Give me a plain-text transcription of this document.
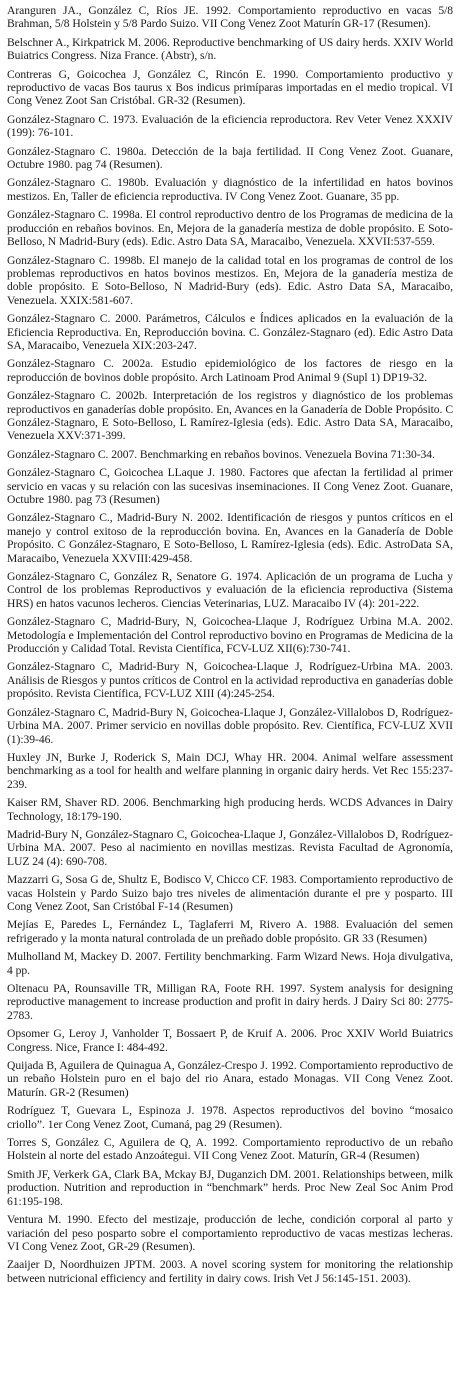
Aranguren JA., González C, Ríos JE. 1992. Comportamiento reproductivo en vacas 5/8 Brahman, 5/8 Holstein y 5/8 Pardo Suizo. VII Cong Venez Zoot Maturín GR-17 (Resumen).
Belschner A., Kirkpatrick M. 2006. Reproductive benchmarking of US dairy herds. XXIV World Buiatrics Congress. Niza France. (Abstr), s/n.
Contreras G, Goicochea J, González C, Rincón E. 1990. Comportamiento productivo y reproductivo de vacas Bos taurus x Bos indicus primíparas importadas en el medio tropical. VI Cong Venez Zoot San Cristóbal. GR-32 (Resumen).
González-Stagnaro C. 1973. Evaluación de la eficiencia reproductora. Rev Veter Venez XXXIV (199): 76-101.
González-Stagnaro C. 1980a. Detección de la baja fertilidad. II Cong Venez Zoot. Guanare, Octubre 1980. pag 74 (Resumen).
González-Stagnaro C. 1980b. Evaluación y diagnóstico de la infertilidad en hatos bovinos mestizos. En, Taller de eficiencia reproductiva. IV Cong Venez Zoot. Guanare, 35 pp.
González-Stagnaro C. 1998a. El control reproductivo dentro de los Programas de medicina de la producción en rebaños bovinos. En, Mejora de la ganadería mestiza de doble propósito. E Soto-Belloso, N Madrid-Bury (eds). Edic. Astro Data SA, Maracaibo, Venezuela. XXVII:537-559.
González-Stagnaro C. 1998b. El manejo de la calidad total en los programas de control de los problemas reproductivos en hatos bovinos mestizos. En, Mejora de la ganadería mestiza de doble propósito. E Soto-Belloso, N Madrid-Bury (eds). Edic. Astro Data SA, Maracaibo, Venezuela. XXIX:581-607.
González-Stagnaro C. 2000. Parámetros, Cálculos e Índices aplicados en la evaluación de la Eficiencia Reproductiva. En, Reproducción bovina. C. González-Stagnaro (ed). Edic Astro Data SA, Maracaibo, Venezuela XIX:203-247.
González-Stagnaro C. 2002a. Estudio epidemiológico de los factores de riesgo en la reproducción de bovinos doble propósito. Arch Latinoam Prod Animal 9 (Supl 1) DP19-32.
González-Stagnaro C. 2002b. Interpretación de los registros y diagnóstico de los problemas reproductivos en ganaderías doble propósito. En, Avances en la Ganadería de Doble Propósito. C González-Stagnaro, E Soto-Belloso, L Ramírez-Iglesia (eds). Edic. Astro Data SA, Maracaibo, Venezuela XXV:371-399.
González-Stagnaro C. 2007. Benchmarking en rebaños bovinos. Venezuela Bovina 71:30-34.
González-Stagnaro C, Goicochea LLaque J. 1980. Factores que afectan la fertilidad al primer servicio en vacas y su relación con las sucesivas inseminaciones. II Cong Venez Zoot. Guanare, Octubre 1980. pag 73 (Resumen)
González-Stagnaro C., Madrid-Bury N. 2002. Identificación de riesgos y puntos críticos en el manejo y control exitoso de la reproducción bovina. En, Avances en la Ganadería de Doble Propósito. C González-Stagnaro, E Soto-Belloso, L Ramírez-Iglesia (eds). Edic. AstroData SA, Maracaibo, Venezuela XXVIII:429-458.
González-Stagnaro C, González R, Senatore G. 1974. Aplicación de un programa de Lucha y Control de los problemas Reproductivos y evaluación de la eficiencia reproductiva (Sistema HRS) en hatos vacunos lecheros. Ciencias Veterinarias, LUZ. Maracaibo IV (4): 201-222.
González-Stagnaro C, Madrid-Bury, N, Goicochea-Llaque J, Rodríguez Urbina M.A. 2002. Metodología e Implementación del Control reproductivo bovino en Programas de Medicina de la Producción y Calidad Total. Revista Científica, FCV-LUZ XII(6):730-741.
González-Stagnaro C, Madrid-Bury N, Goicochea-Llaque J, Rodríguez-Urbina MA. 2003. Análisis de Riesgos y puntos críticos de Control en la actividad reproductiva en ganaderías doble propósito. Revista Científica, FCV-LUZ XIII (4):245-254.
González-Stagnaro C, Madrid-Bury N, Goicochea-Llaque J, González-Villalobos D, Rodríguez-Urbina MA. 2007. Primer servicio en novillas doble propósito. Rev. Científica, FCV-LUZ XVII (1):39-46.
Huxley JN, Burke J, Roderick S, Main DCJ, Whay HR. 2004. Animal welfare assessment benchmarking as a tool for health and welfare planning in organic dairy herds. Vet Rec 155:237-239.
Kaiser RM, Shaver RD. 2006. Benchmarking high producing herds. WCDS Advances in Dairy Technology, 18:179-190.
Madrid-Bury N, González-Stagnaro C, Goicochea-Llaque J, González-Villalobos D, Rodríguez-Urbina MA. 2007. Peso al nacimiento en novillas mestizas. Revista Facultad de Agronomía, LUZ 24 (4): 690-708.
Mazzarri G, Sosa G de, Shultz E, Bodisco V, Chicco CF. 1983. Comportamiento reproductivo de vacas Holstein y Pardo Suizo bajo tres niveles de alimentación durante el pre y posparto. III Cong Venez Zoot, San Cristóbal F-14 (Resumen)
Mejías E, Paredes L, Fernández L, Taglaferri M, Rivero A. 1988. Evaluación del semen refrigerado y la monta natural controlada de un preñado doble propósito. GR 33 (Resumen)
Mulholland M, Mackey D. 2007. Fertility benchmarking. Farm Wizard News. Hoja divulgativa, 4 pp.
Oltenacu PA, Rounsaville TR, Milligan RA, Foote RH. 1997. System analysis for designing reproductive management to increase production and profit in dairy herds. J Dairy Sci 80: 2775-2783.
Opsomer G, Leroy J, Vanholder T, Bossaert P, de Kruif A. 2006. Proc XXIV World Buiatrics Congress. Nice, France I: 484-492.
Quijada B, Aguilera de Quinagua A, González-Crespo J. 1992. Comportamiento reproductivo de un rebaño Holstein puro en el bajo del rio Anara, estado Monagas. VII Cong Venez Zoot. Maturín. GR-2 (Resumen)
Rodríguez T, Guevara L, Espinoza J. 1978. Aspectos reproductivos del bovino “mosaico criollo”. 1er Cong Venez Zoot, Cumaná, pag 29 (Resumen).
Torres S, González C, Aguilera de Q, A. 1992. Comportamiento reproductivo de un rebaño Holstein al norte del estado Anzoátegui. VII Cong Venez Zoot. Maturín, GR-4 (Resumen)
Smith JF, Verkerk GA, Clark BA, Mckay BJ, Duganzich DM. 2001. Relationships between, milk production. Nutrition and reproduction in “benchmark” herds. Proc New Zeal Soc Anim Prod 61:195-198.
Ventura M. 1990. Efecto del mestizaje, producción de leche, condición corporal al parto y variación del peso posparto sobre el comportamiento reproductivo de vacas mestizas lecheras. VI Cong Venez Zoot, GR-29 (Resumen).
Zaaijer D, Noordhuizen JPTM. 2003. A novel scoring system for monitoring the relationship between nutricional efficiency and fertility in dairy cows. Irish Vet J 56:145-151. 2003).
